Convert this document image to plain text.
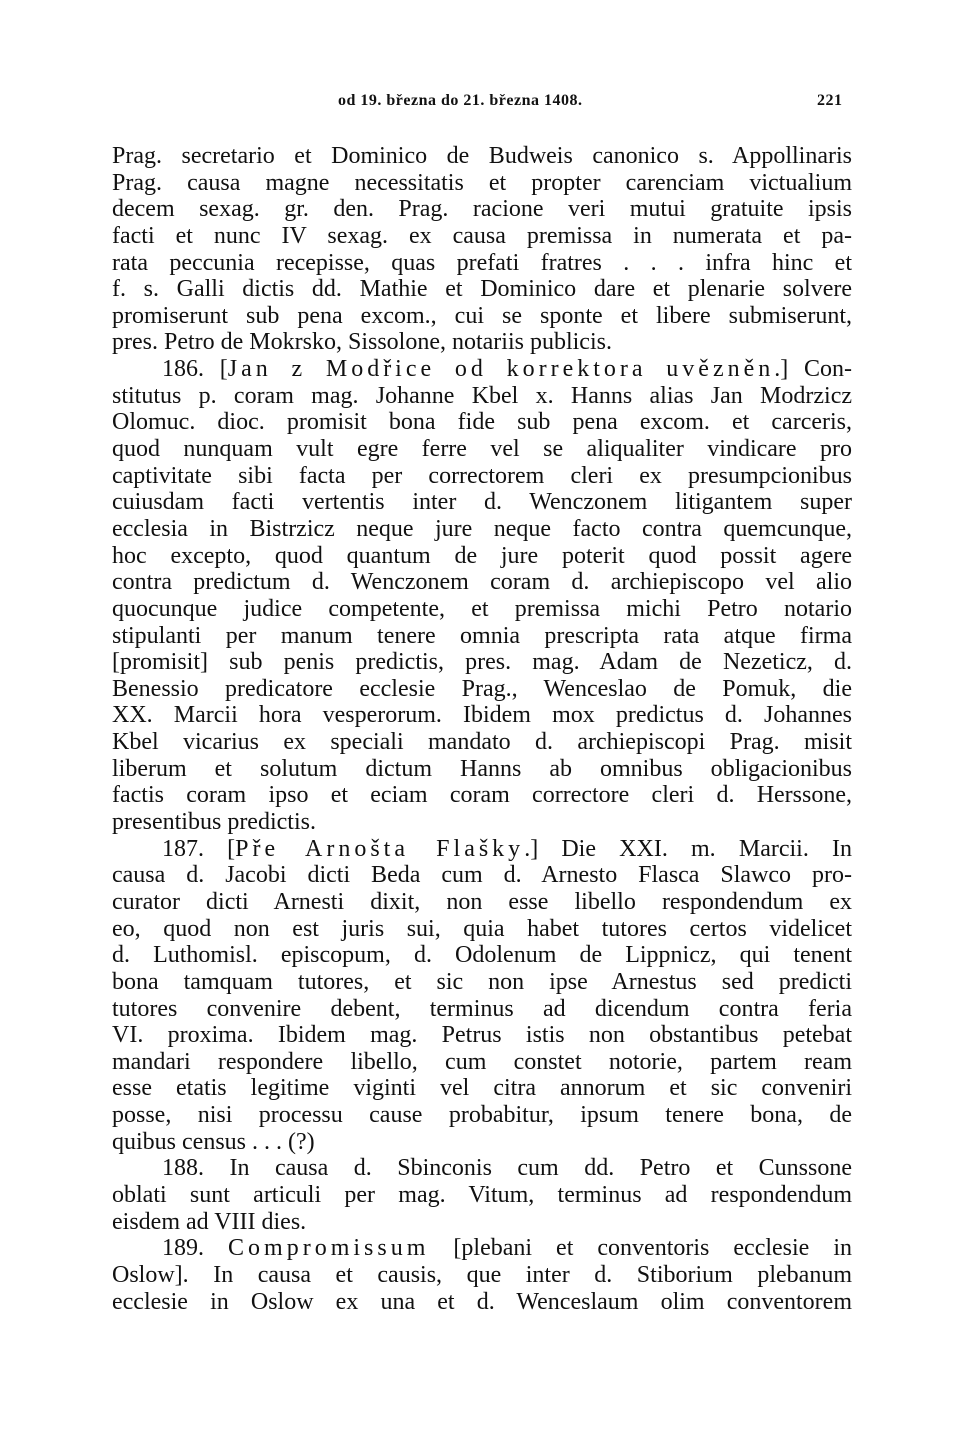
od 19. března do 21. března 1408.	221
Prag. secretario et Dominico de Budweis canonico s. Appollinaris
Prag. causa magne necessitatis et propter carenciam victualium
decem sexag. gr. den. Prag. racione veri mutui gratuite ipsis
facti et nunc IV sexag. ex causa premissa in numerata et pa-
rata peccunia recepisse, quas prefati fratres . . . infra hinc et
f. s. Galli dictis dd. Mathie et Dominico dare et plenarie solvere
promiserunt sub pena excom., cui se sponte et libere submiserunt,
pres. Petro de Mokrsko, Sissolone, notariis publicis.
186. [Jan z Modřice od korrektora uvězněn.] Con-
stitutus p. coram mag. Johanne Kbel x. Hanns alias Jan Modrzicz
Olomuc. dioc. promisit bona fide sub pena excom. et carceris,
quod nunquam vult egre ferre vel se aliqualiter vindicare pro
captivitate sibi facta per correctorem cleri ex presumpcionibus
cuiusdam facti vertentis inter d. Wenczonem litigantem super
ecclesia in Bistrzicz neque jure neque facto contra quemcunque,
hoc excepto, quod quantum de jure poterit quod possit agere
contra predictum d. Wenczonem coram d. archiepiscopo vel alio
quocunque judice competente, et premissa michi Petro notario
stipulanti per manum tenere omnia prescripta rata atque firma
[promisit] sub penis predictis, pres. mag. Adam de Nezeticz, d.
Benessio predicatore ecclesie Prag., Wenceslao de Pomuk, die
XX. Marcii hora vesperorum. Ibidem mox predictus d. Johannes
Kbel vicarius ex speciali mandato d. archiepiscopi Prag. misit
liberum et solutum dictum Hanns ab omnibus obligacionibus
factis coram ipso et eciam coram correctore cleri d. Herssone,
presentibus predictis.
187. [Pře Arnošta Flašky.] Die XXI. m. Marcii. In
causa d. Jacobi dicti Beda cum d. Arnesto Flasca Slawco pro-
curator dicti Arnesti dixit, non esse libello respondendum ex
eo, quod non est juris sui, quia habet tutores certos videlicet
d. Luthomisl. episcopum, d. Odolenum de Lippnicz, qui tenent
bona tamquam tutores, et sic non ipse Arnestus sed predicti
tutores convenire debent, terminus ad dicendum contra feria
VI. proxima. Ibidem mag. Petrus istis non obstantibus petebat
mandari respondere libello, cum constet notorie, partem ream
esse etatis legitime viginti vel citra annorum et sic conveniri
posse, nisi processu cause probabitur, ipsum tenere bona, de
quibus census . . . (?)
188. In causa d. Sbinconis cum dd. Petro et Cunssone
oblati sunt articuli per mag. Vitum, terminus ad respondendum
eisdem ad VIII dies.
189. Compromissum [plebani et conventoris ecclesie in
Oslow]. In causa et causis, que inter d. Stiborium plebanum
ecclesie in Oslow ex una et d. Wenceslaum olim conventorem
